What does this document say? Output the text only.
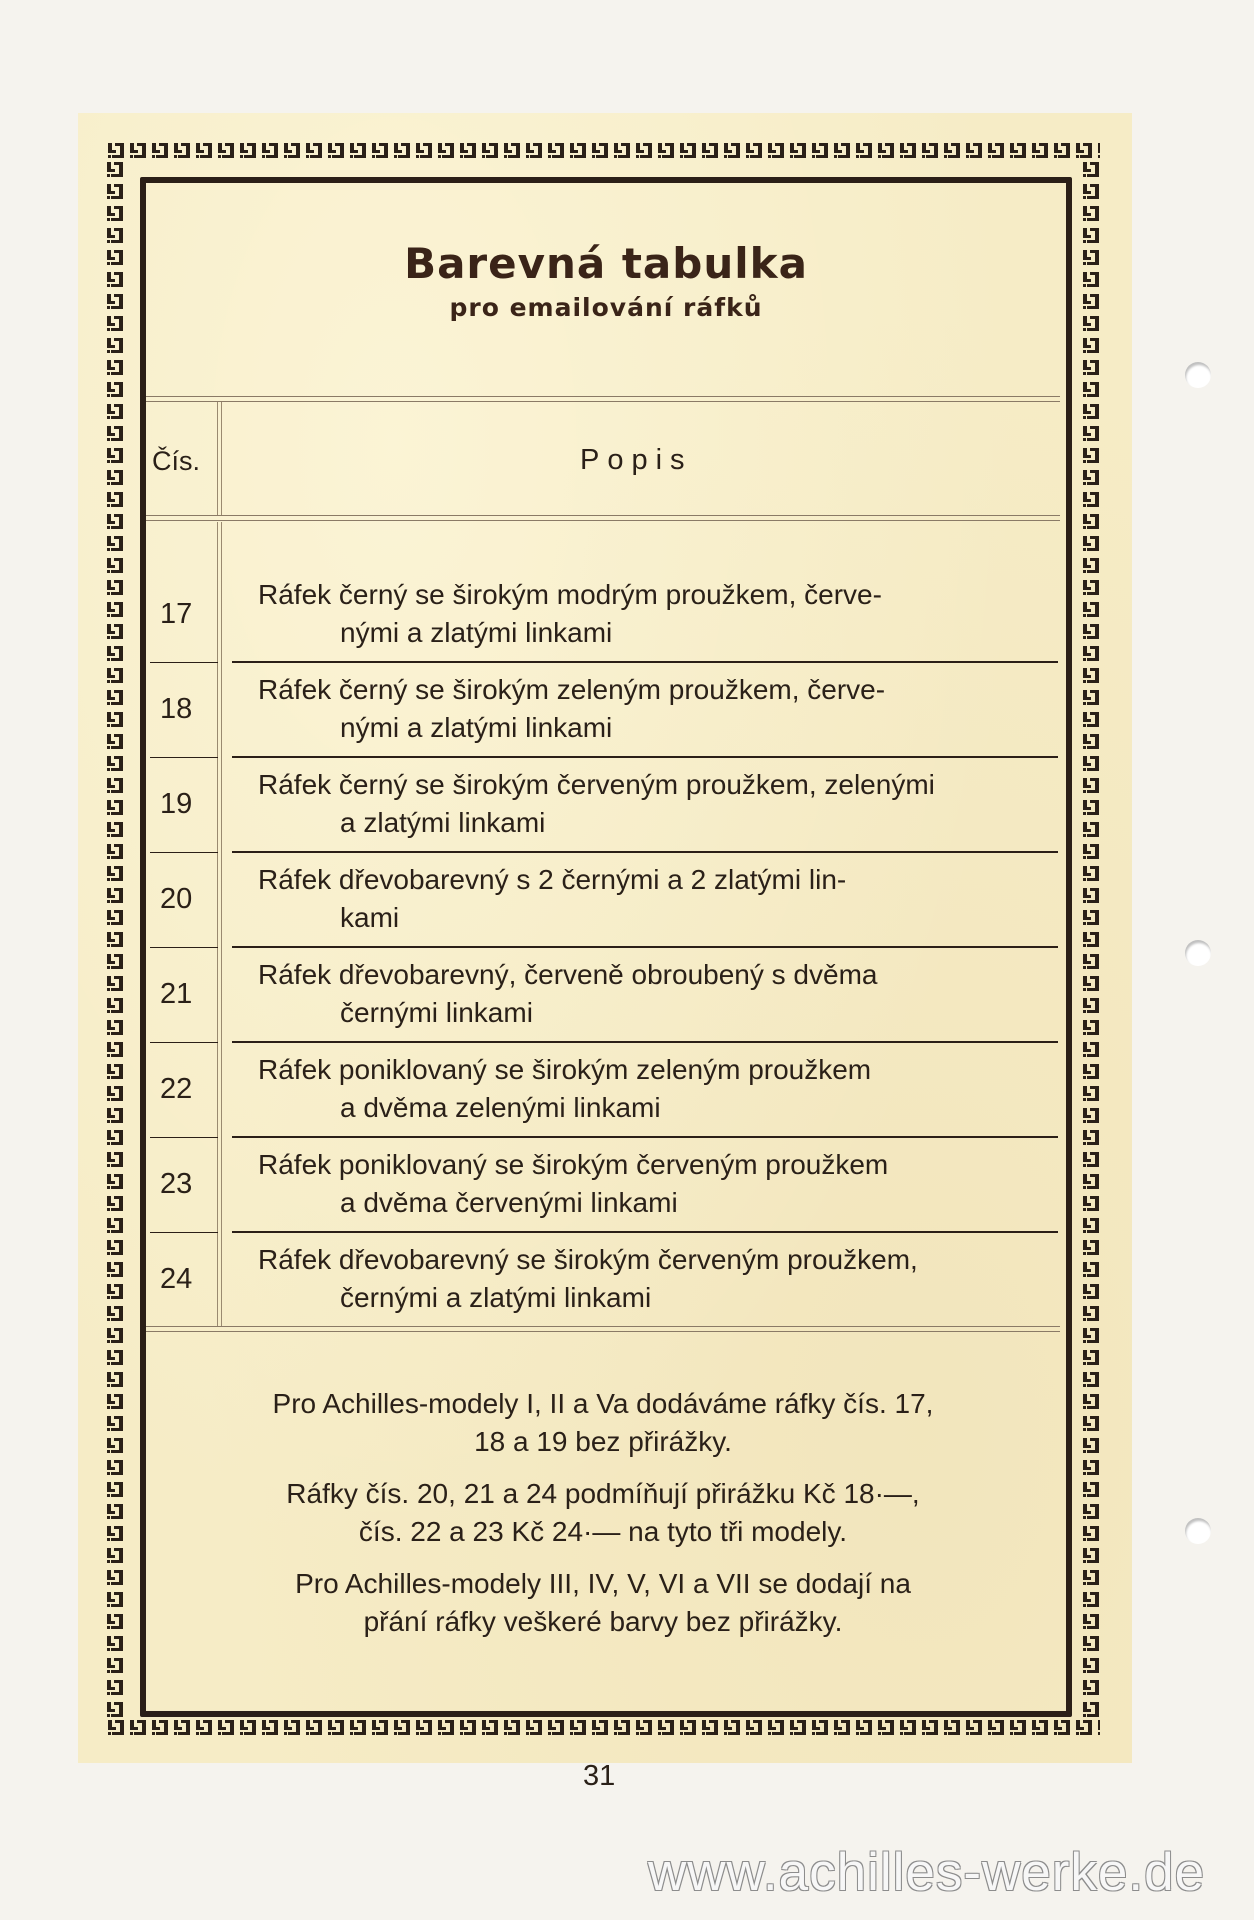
Barevná tabulka
pro emailování ráfků
Čís.	Popis
17
Ráfek černý se širokým modrým proužkem, červe-
nými a zlatými linkami
18
Ráfek černý se širokým zeleným proužkem, červe-
nými a zlatými linkami
19
Ráfek černý se širokým červeným proužkem, zelenými
a zlatými linkami
20
Ráfek dřevobarevný s 2 černými a 2 zlatými lin-
kami
21
Ráfek dřevobarevný, červeně obroubený s dvěma
černými linkami
22
Ráfek poniklovaný se širokým zeleným proužkem
a dvěma zelenými linkami
23
Ráfek poniklovaný se širokým červeným proužkem
a dvěma červenými linkami
24
Ráfek dřevobarevný se širokým červeným proužkem,
černými a zlatými linkami

Pro Achilles-modely I, II a Va dodáváme ráfky čís. 17,
18 a 19 bez přirážky.

Ráfky čís. 20, 21 a 24 podmíňují přirážku Kč 18·—,
čís. 22 a 23 Kč 24·— na tyto tři modely.

Pro Achilles-modely III, IV, V, VI a VII se dodají na
přání ráfky veškeré barvy bez přirážky.

31
www.achilles-werke.de
